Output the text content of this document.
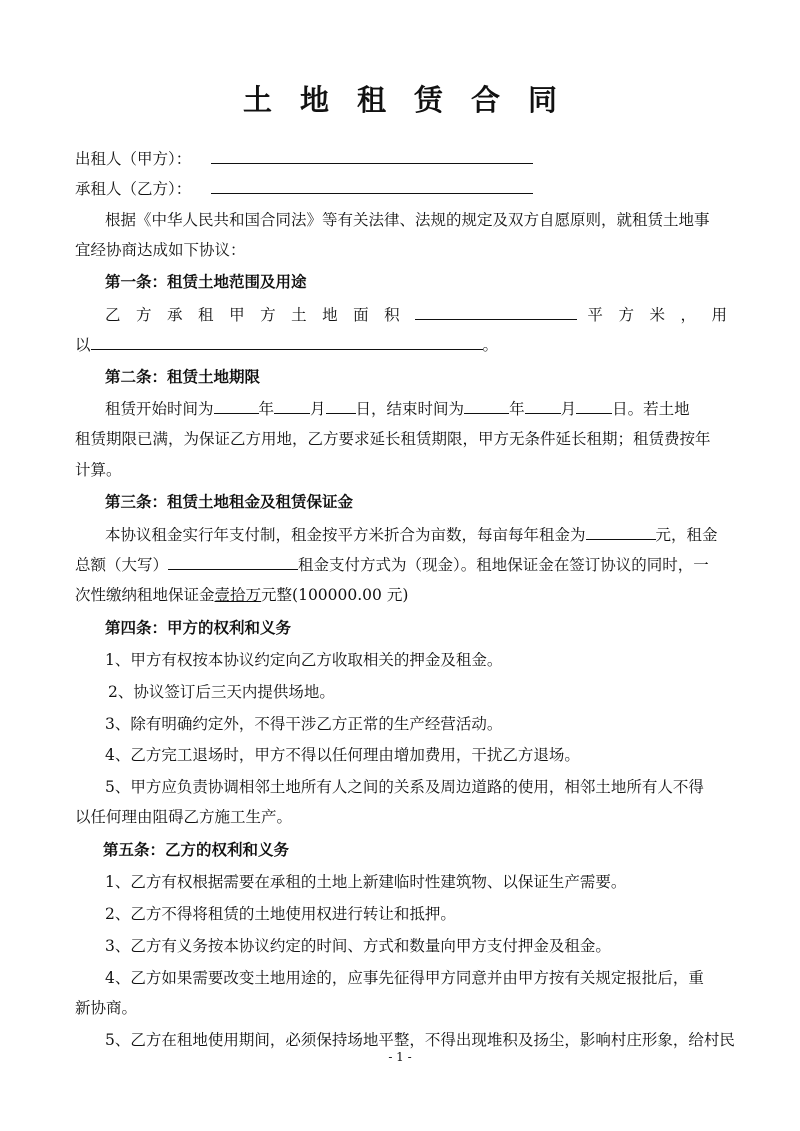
土地租赁合同
出租人（甲方）：
承租人（乙方）：
根据《中华人民共和国合同法》等有关法律、法规的规定及双方自愿原则，就租赁土地事
宜经协商达成如下协议：
第一条：租赁土地范围及用途
乙 方 承 租 甲 方 土 地 面 积	平 方 米 ， 用
以	。
第二条：租赁土地期限
租赁开始时间为	年 月 日，结束时间为	年 月 日。若土地
租赁期限已满，为保证乙方用地，乙方要求延长租赁期限，甲方无条件延长租期；租赁费按年
计算。
第三条：租赁土地租金及租赁保证金
本协议租金实行年支付制，租金按平方米折合为亩数，每亩每年租金为	元，租金
总额（大写）	租金支付方式为（现金）。租地保证金在签订协议的同时，一
次性缴纳租地保证金壹拾万元整(100000.00 元)
第四条：甲方的权利和义务
1、甲方有权按本协议约定向乙方收取相关的押金及租金。
2、协议签订后三天内提供场地。
3、除有明确约定外，不得干涉乙方正常的生产经营活动。
4、乙方完工退场时，甲方不得以任何理由增加费用，干扰乙方退场。
5、甲方应负责协调相邻土地所有人之间的关系及周边道路的使用，相邻土地所有人不得
以任何理由阻碍乙方施工生产。
第五条：乙方的权利和义务
1、乙方有权根据需要在承租的土地上新建临时性建筑物、以保证生产需要。
2、乙方不得将租赁的土地使用权进行转让和抵押。
3、乙方有义务按本协议约定的时间、方式和数量向甲方支付押金及租金。
4、乙方如果需要改变土地用途的，应事先征得甲方同意并由甲方按有关规定报批后，重
新协商。
5、乙方在租地使用期间，必须保持场地平整，不得出现堆积及扬尘，影响村庄形象，给村民
- 1 -
